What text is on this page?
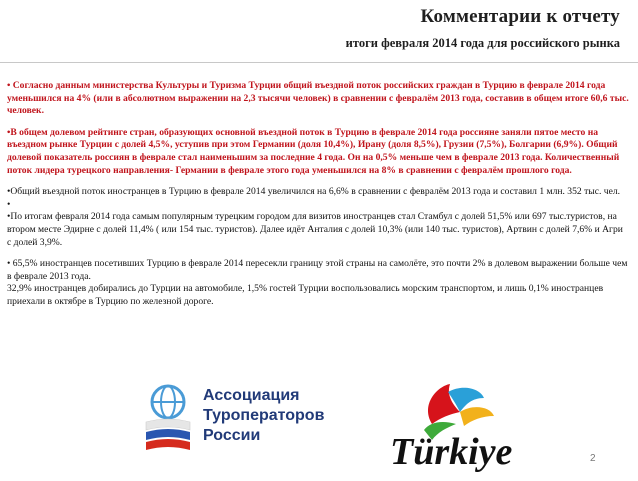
Комментарии к отчету
итоги февраля 2014 года для российского рынка

• Согласно данным министерства Культуры и Туризма Турции общий въездной поток российских граждан в Турцию в феврале 2014 года уменьшился на 4% (или в абсолютном выражении на 2,3 тысячи человек) в сравнении с февралём 2013 года, составив в общем итоге 60,6 тыс. человек.

•В общем долевом рейтинге стран, образующих основной въездной поток в Турцию в феврале 2014 года россияне заняли пятое место на въездном рынке Турции с долей 4,5%, уступив при этом Германии (доля 10,4%), Ирану (доля 8,5%), Грузии (7,5%), Болгарии (6,9%). Общий долевой показатель россиян в феврале стал наименьшим за последние 4 года. Он на 0,5% меньше чем в феврале 2013 года. Количественный поток лидера турецкого направления- Германии в феврале этого года уменьшился на 8% в сравнении с февралём прошлого года.

•Общий въездной поток иностранцев в Турцию в феврале 2014 увеличился на 6,6% в сравнении с февралём 2013 года и составил 1 млн. 352 тыс. чел.

•

•По итогам февраля 2014 года самым популярным турецким городом для визитов иностранцев стал Стамбул с долей 51,5% или 697 тыс.туристов, на втором месте Эдирне с долей 11,4% ( или 154 тыс. туристов). Далее идёт Анталия с долей 10,3% (или 140 тыс. туристов), Артвин с долей 7,6% и Агри с долей 3,9%.

• 65,5% иностранцев посетивших Турцию в феврале 2014 пересекли границу этой страны на самолёте, это почти 2% в долевом выражении больше чем в феврале 2013 года.

32,9% иностранцев добирались до Турции на автомобиле, 1,5% гостей Турции воспользовались морским транспортом, и лишь 0,1% иностранцев приехали в октябре в Турцию по железной дороге.

Ассоциация
Туроператоров
России	Türkiye	2
